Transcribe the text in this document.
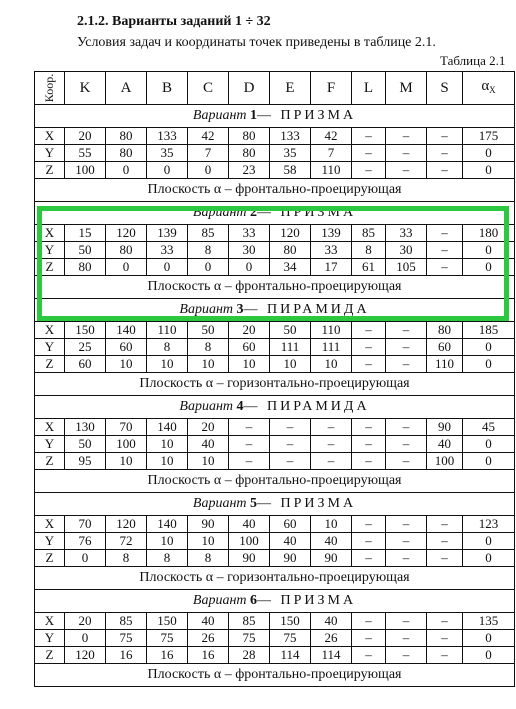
2.1.2. Варианты заданий 1 ÷ 32
Условия задач и координаты точек приведены в таблице 2.1.
Таблица 2.1
Коор.	K	A	B	C	D	E	F	L	M	S	$\alpha_X$
Вариант 1— ПРИЗМА											
X	20	80	133	42	80	133	42	–	–	–	175
Y	55	80	35	7	80	35	7	–	–	–	0
Z	100	0	0	0	23	58	110	–	–	–	0
Плоскость α – фронтально-проецирующая											
Вариант 2— ПРИЗМА											
X	15	120	139	85	33	120	139	85	33	–	180
Y	50	80	33	8	30	80	33	8	30	–	0
Z	80	0	0	0	0	34	17	61	105	–	0
Плоскость α – фронтально-проецирующая											
Вариант 3— ПИРАМИДА											
X	150	140	110	50	20	50	110	–	–	80	185
Y	25	60	8	8	60	111	111	–	–	60	0
Z	60	10	10	10	10	10	10	–	–	110	0
Плоскость α – горизонтально-проецирующая											
Вариант 4— ПИРАМИДА											
X	130	70	140	20	–	–	–	–	–	90	45
Y	50	100	10	40	–	–	–	–	–	40	0
Z	95	10	10	10	–	–	–	–	–	100	0
Плоскость α – фронтально-проецирующая											
Вариант 5— ПРИЗМА											
X	70	120	140	90	40	60	10	–	–	–	123
Y	76	72	10	10	100	40	40	–	–	–	0
Z	0	8	8	8	90	90	90	–	–	–	0
Плоскость α – горизонтально-проецирующая											
Вариант 6— ПРИЗМА											
X	20	85	150	40	85	150	40	–	–	–	135
Y	0	75	75	26	75	75	26	–	–	–	0
Z	120	16	16	16	28	114	114	–	–	–	0
Плоскость α – фронтально-проецирующая											
